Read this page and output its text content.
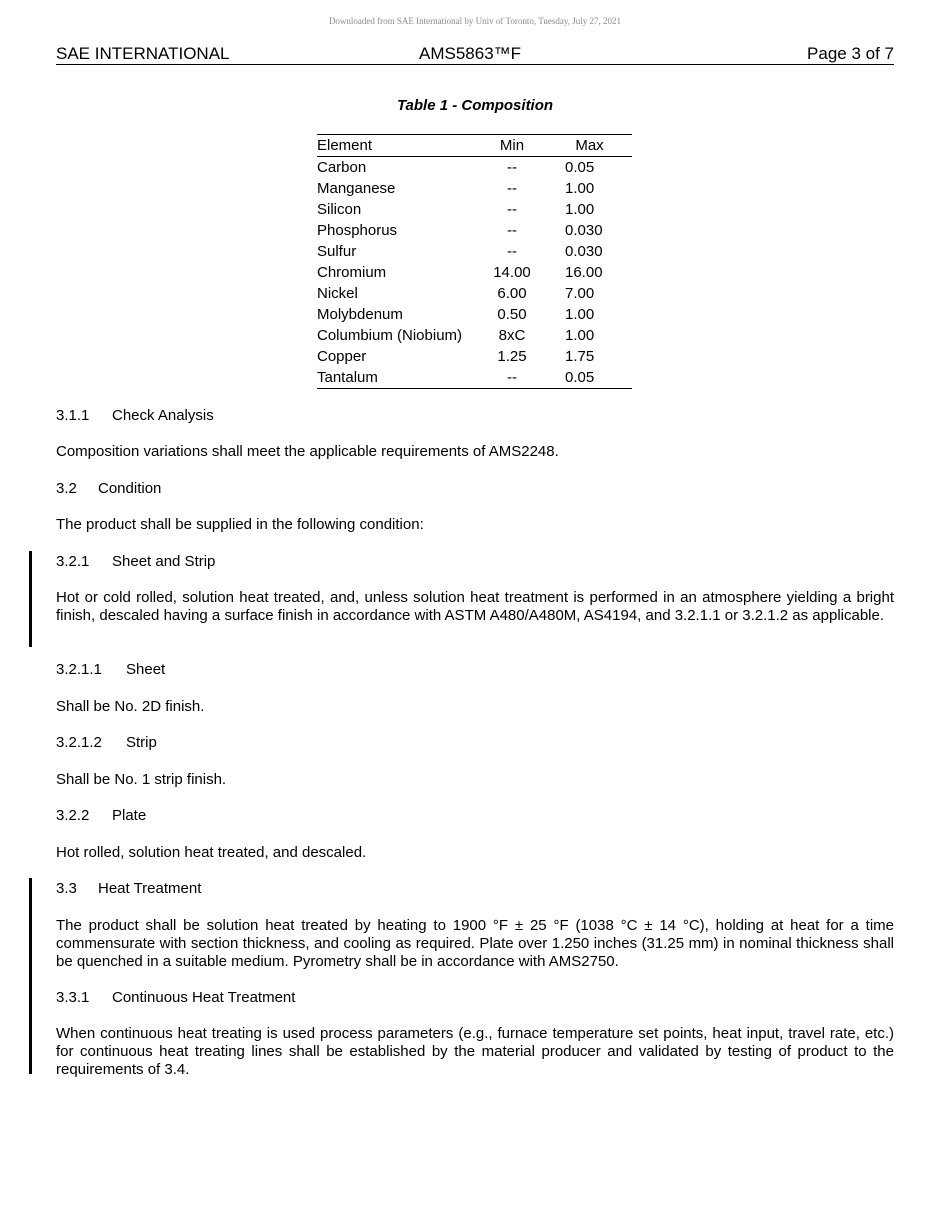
Downloaded from SAE International by Univ of Toronto, Tuesday, July 27, 2021
SAE INTERNATIONAL	AMS5863™F	Page 3 of 7
Table 1 - Composition
Element	Min	Max
Carbon	--	0.05
Manganese	--	1.00
Silicon	--	1.00
Phosphorus	--	0.030
Sulfur	--	0.030
Chromium	14.00	16.00
Nickel	6.00	7.00
Molybdenum	0.50	1.00
Columbium (Niobium)	8xC	1.00
Copper	1.25	1.75
Tantalum	--	0.05
3.1.1 Check Analysis
Composition variations shall meet the applicable requirements of AMS2248.
3.2 Condition
The product shall be supplied in the following condition:
3.2.1 Sheet and Strip
Hot or cold rolled, solution heat treated, and, unless solution heat treatment is performed in an atmosphere yielding a bright finish, descaled having a surface finish in accordance with ASTM A480/A480M, AS4194, and 3.2.1.1 or 3.2.1.2 as applicable.
3.2.1.1 Sheet
Shall be No. 2D finish.
3.2.1.2 Strip
Shall be No. 1 strip finish.
3.2.2 Plate
Hot rolled, solution heat treated, and descaled.
3.3 Heat Treatment
The product shall be solution heat treated by heating to 1900 °F ± 25 °F (1038 °C ± 14 °C), holding at heat for a time commensurate with section thickness, and cooling as required. Plate over 1.250 inches (31.25 mm) in nominal thickness shall be quenched in a suitable medium. Pyrometry shall be in accordance with AMS2750.
3.3.1 Continuous Heat Treatment
When continuous heat treating is used process parameters (e.g., furnace temperature set points, heat input, travel rate, etc.) for continuous heat treating lines shall be established by the material producer and validated by testing of product to the requirements of 3.4.
